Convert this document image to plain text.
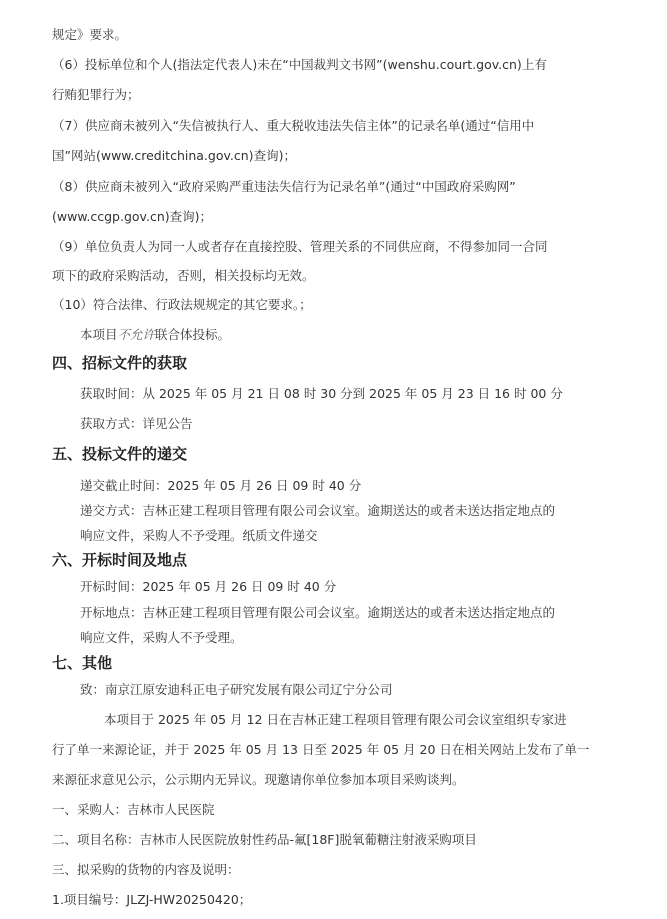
规定》要求。
（6）投标单位和个人(指法定代表人)未在“中国裁判文书网”(wenshu.court.gov.cn)上有
行贿犯罪行为；
（7）供应商未被列入“失信被执行人、重大税收违法失信主体”的记录名单(通过“信用中
国”网站(www.creditchina.gov.cn)查询)；
（8）供应商未被列入“政府采购严重违法失信行为记录名单”(通过“中国政府采购网”
(www.ccgp.gov.cn)查询)；
（9）单位负责人为同一人或者存在直接控股、管理关系的不同供应商，不得参加同一合同
项下的政府采购活动，否则，相关投标均无效。
（10）符合法律、行政法规规定的其它要求。；
本项目不允许联合体投标。
四、招标文件的获取
获取时间：从 2025 年 05 月 21 日 08 时 30 分到 2025 年 05 月 23 日 16 时 00 分
获取方式：详见公告
五、投标文件的递交
递交截止时间：2025 年 05 月 26 日 09 时 40 分
递交方式：吉林正建工程项目管理有限公司会议室。逾期送达的或者未送达指定地点的
响应文件，采购人不予受理。纸质文件递交
六、开标时间及地点
开标时间：2025 年 05 月 26 日 09 时 40 分
开标地点：吉林正建工程项目管理有限公司会议室。逾期送达的或者未送达指定地点的
响应文件，采购人不予受理。
七、其他
致：南京江原安迪科正电子研究发展有限公司辽宁分公司
本项目于 2025 年 05 月 12 日在吉林正建工程项目管理有限公司会议室组织专家进
行了单一来源论证，并于 2025 年 05 月 13 日至 2025 年 05 月 20 日在相关网站上发布了单一
来源征求意见公示，公示期内无异议。现邀请你单位参加本项目采购谈判。
一、采购人：吉林市人民医院
二、项目名称：吉林市人民医院放射性药品-氟[18F]脱氧葡糖注射液采购项目
三、拟采购的货物的内容及说明：
1.项目编号：JLZJ-HW20250420；
